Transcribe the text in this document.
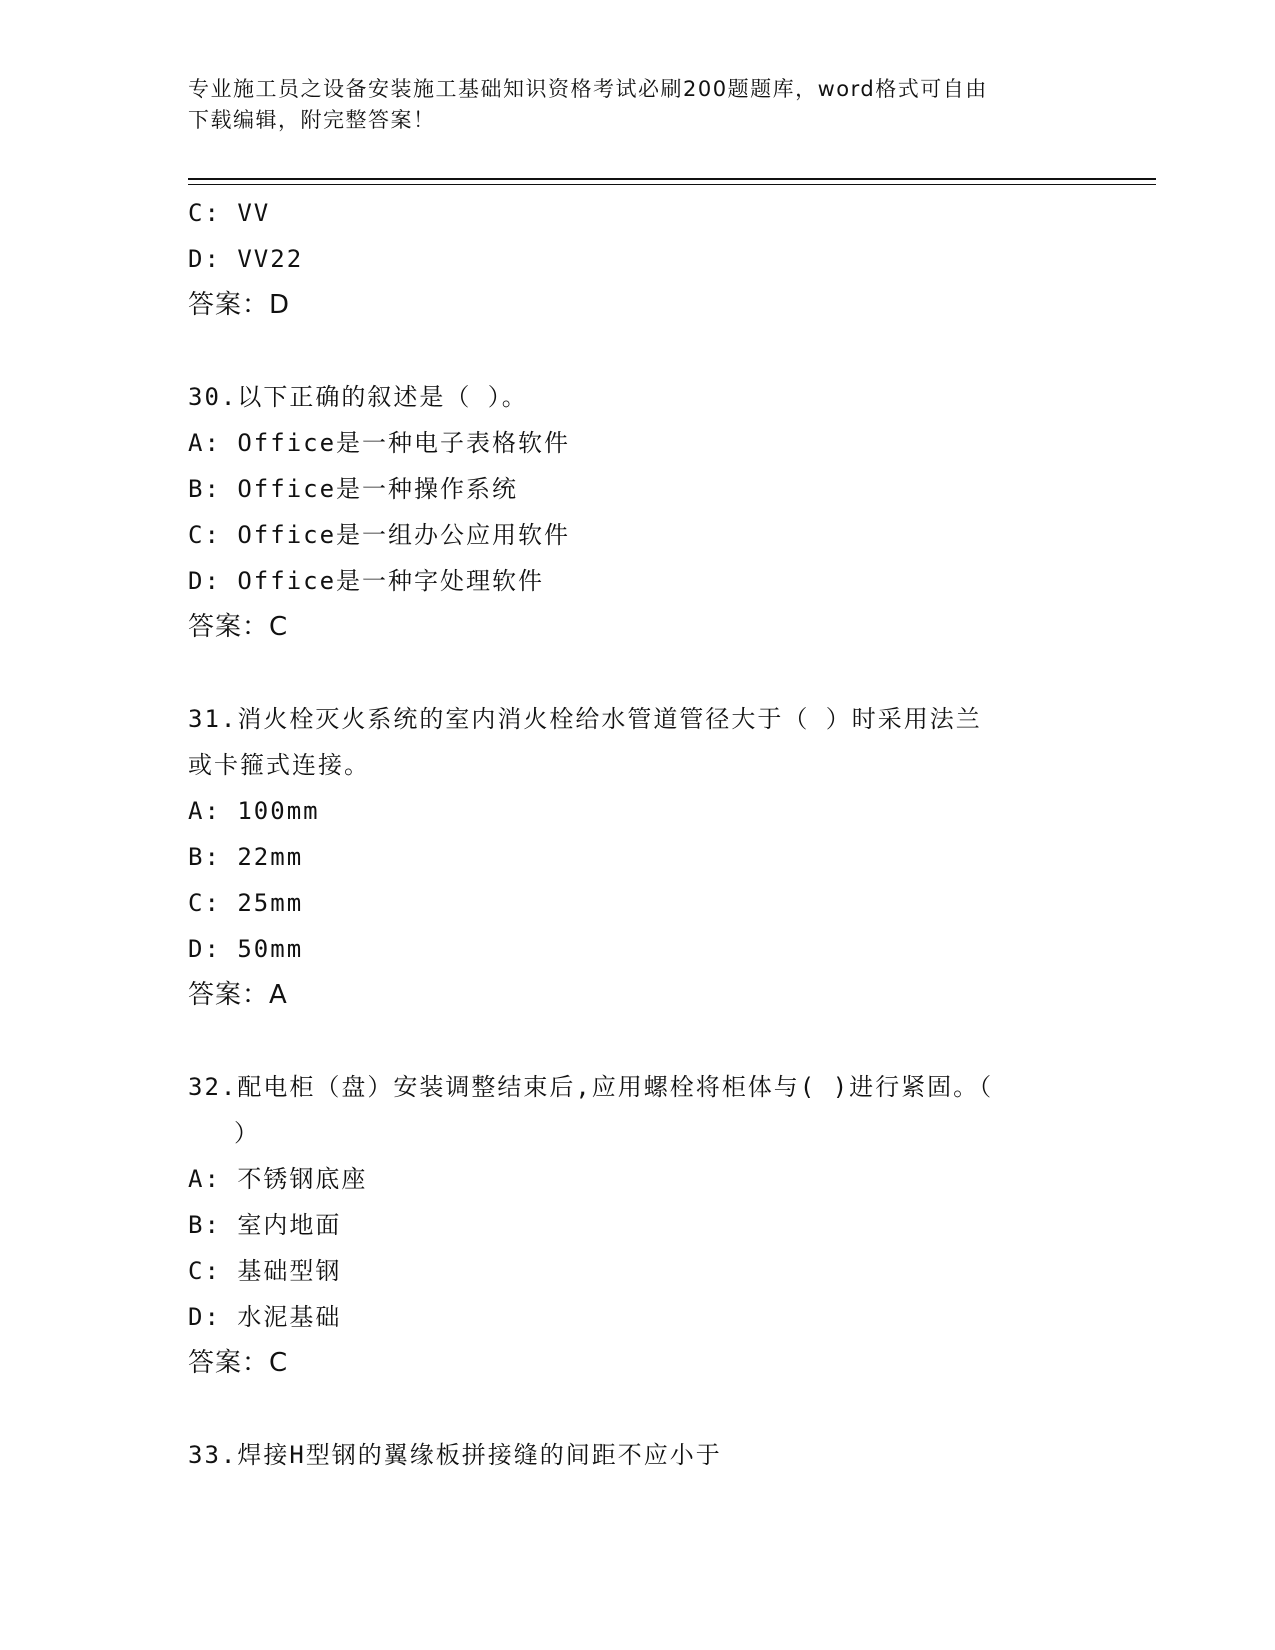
专业施工员之设备安装施工基础知识资格考试必刷200题题库，word格式可自由
下载编辑，附完整答案！
C: VV
D: VV22
答案：D
30.以下正确的叙述是（ ）。
A: Office是一种电子表格软件
B: Office是一种操作系统
C: Office是一组办公应用软件
D: Office是一种字处理软件
答案：C
31.消火栓灭火系统的室内消火栓给水管道管径大于（ ）时采用法兰
或卡箍式连接。
A: 100mm
B: 22mm
C: 25mm
D: 50mm
答案：A
32.配电柜（盘）安装调整结束后,应用螺栓将柜体与( )进行紧固。（
）
A: 不锈钢底座
B: 室内地面
C: 基础型钢
D: 水泥基础
答案：C
33.焊接H型钢的翼缘板拼接缝的间距不应小于
